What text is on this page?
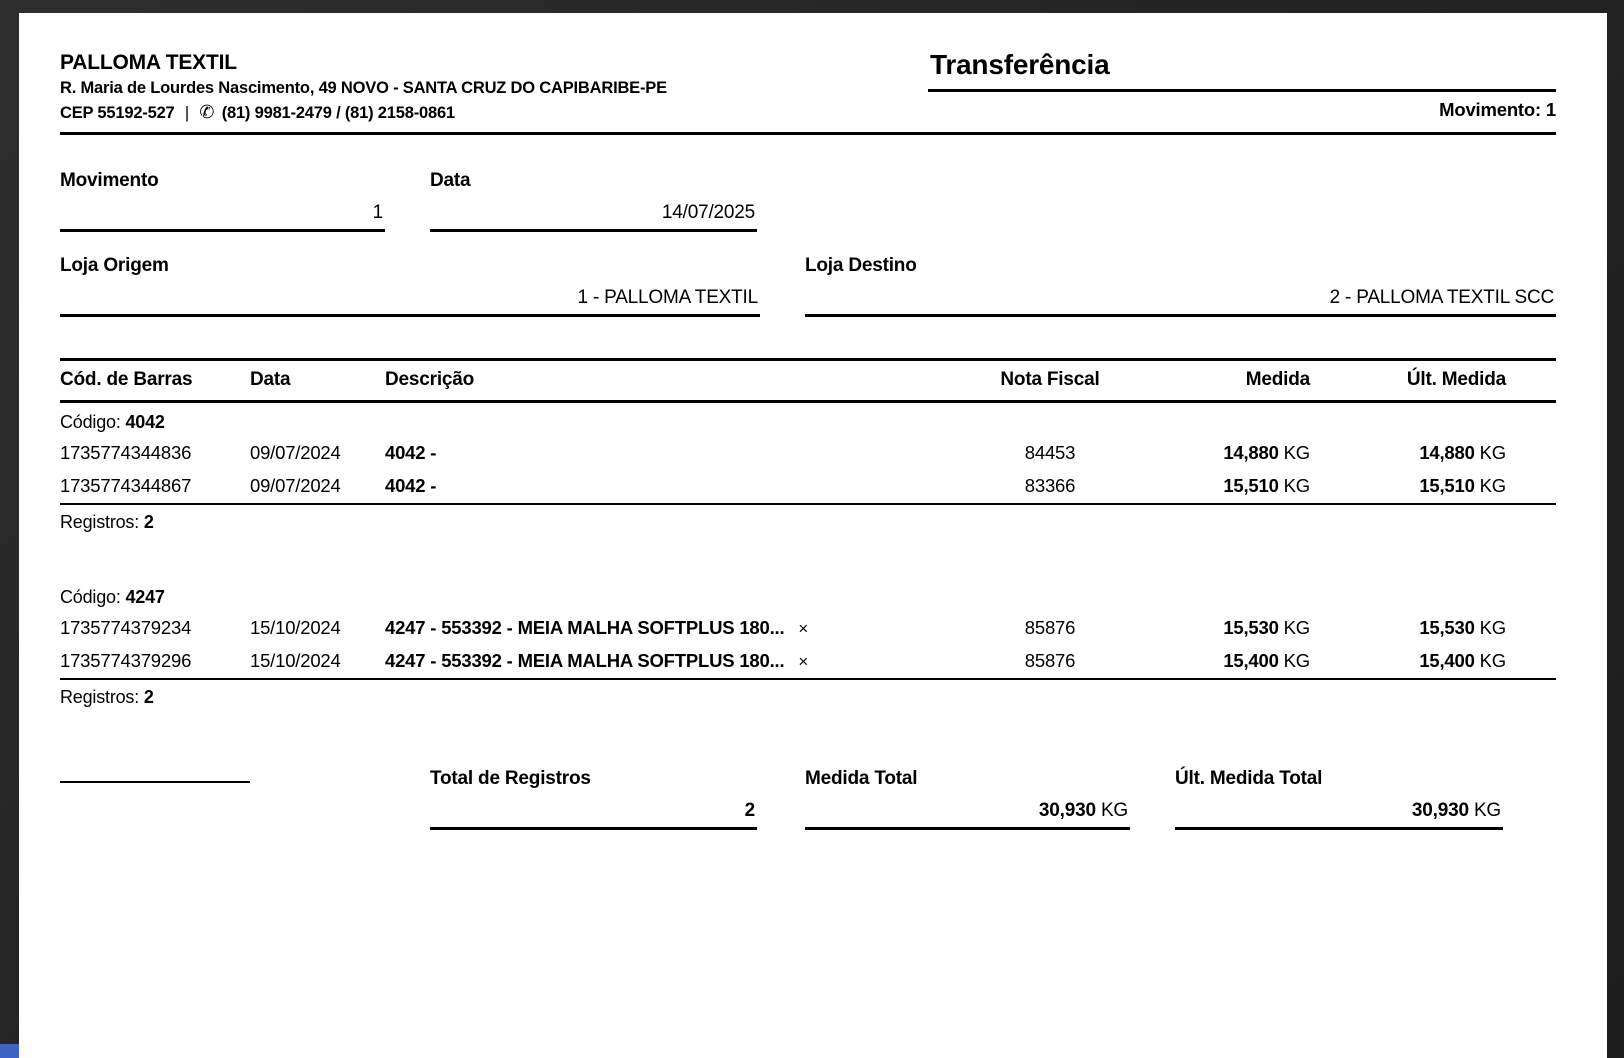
PALLOMA TEXTIL
R. Maria de Lourdes Nascimento, 49 NOVO - SANTA CRUZ DO CAPIBARIBE-PE
CEP 55192-527 | ✆ (81) 9981-2479 / (81) 2158-0861
Transferência
Movimento: 1
Movimento
1
Data
14/07/2025
Loja Origem
1 - PALLOMA TEXTIL
Loja Destino
2 - PALLOMA TEXTIL SCC
Cód. de Barras	Data	Descrição	Nota Fiscal	Medida	Últ. Medida
Código: 4042
1735774344836	09/07/2024	4042 -	84453	14,880 KG	14,880 KG
1735774344867	09/07/2024	4042 -	83366	15,510 KG	15,510 KG
Registros: 2
Código: 4247
1735774379234	15/10/2024	4247 - 553392 - MEIA MALHA SOFTPLUS 180... ×	85876	15,530 KG	15,530 KG
1735774379296	15/10/2024	4247 - 553392 - MEIA MALHA SOFTPLUS 180... ×	85876	15,400 KG	15,400 KG
Registros: 2
Total de Registros
2
Medida Total
30,930 KG
Últ. Medida Total
30,930 KG
